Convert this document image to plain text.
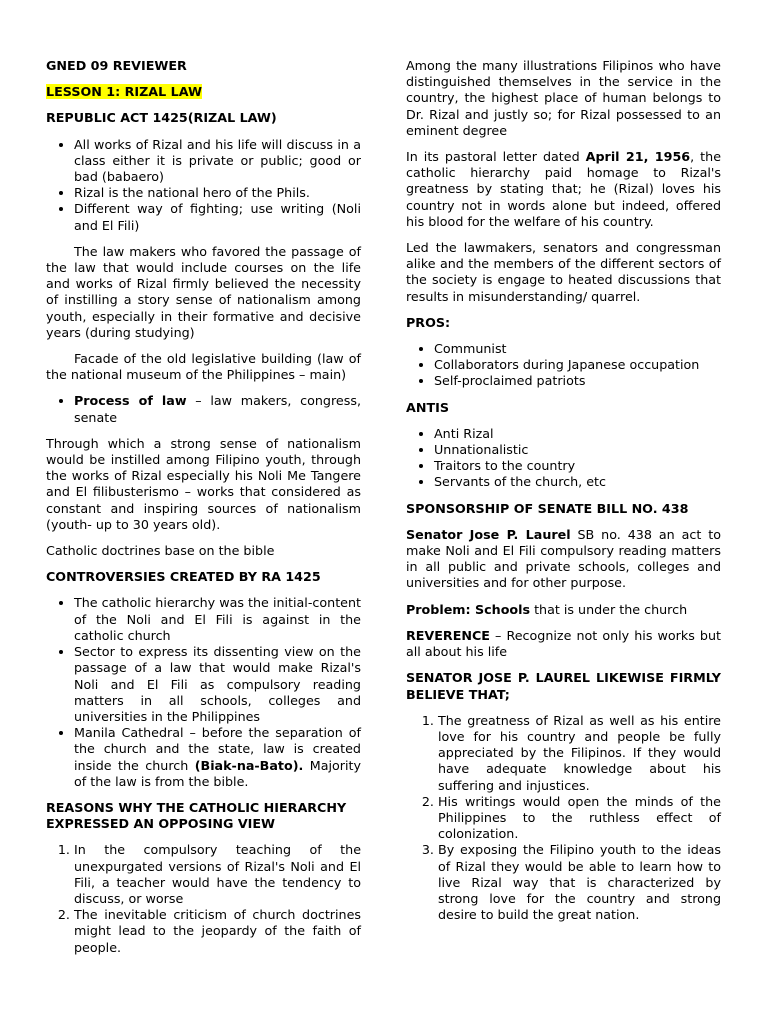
GNED 09 REVIEWER
LESSON 1: RIZAL LAW
REPUBLIC ACT 1425(RIZAL LAW)
• All works of Rizal and his life will discuss in a class either it is private or public; good or bad (babaero)
• Rizal is the national hero of the Phils.
• Different way of fighting; use writing (Noli and El Fili)
The law makers who favored the passage of the law that would include courses on the life and works of Rizal firmly believed the necessity of instilling a story sense of nationalism among youth, especially in their formative and decisive years (during studying)
Facade of the old legislative building (law of the national museum of the Philippines – main)
• Process of law – law makers, congress, senate
Through which a strong sense of nationalism would be instilled among Filipino youth, through the works of Rizal especially his Noli Me Tangere and El filibusterismo – works that considered as constant and inspiring sources of nationalism (youth- up to 30 years old).
Catholic doctrines base on the bible
CONTROVERSIES CREATED BY RA 1425
• The catholic hierarchy was the initial-content of the Noli and El Fili is against in the catholic church
• Sector to express its dissenting view on the passage of a law that would make Rizal's Noli and El Fili as compulsory reading matters in all schools, colleges and universities in the Philippines
• Manila Cathedral – before the separation of the church and the state, law is created inside the church (Biak-na-Bato). Majority of the law is from the bible.
REASONS WHY THE CATHOLIC HIERARCHY EXPRESSED AN OPPOSING VIEW
1. In the compulsory teaching of the unexpurgated versions of Rizal's Noli and El Fili, a teacher would have the tendency to discuss, or worse
2. The inevitable criticism of church doctrines might lead to the jeopardy of the faith of people.
Among the many illustrations Filipinos who have distinguished themselves in the service in the country, the highest place of human belongs to Dr. Rizal and justly so; for Rizal possessed to an eminent degree
In its pastoral letter dated April 21, 1956, the catholic hierarchy paid homage to Rizal's greatness by stating that; he (Rizal) loves his country not in words alone but indeed, offered his blood for the welfare of his country.
Led the lawmakers, senators and congressman alike and the members of the different sectors of the society is engage to heated discussions that results in misunderstanding/ quarrel.
PROS:
• Communist
• Collaborators during Japanese occupation
• Self-proclaimed patriots
ANTIS
• Anti Rizal
• Unnationalistic
• Traitors to the country
• Servants of the church, etc
SPONSORSHIP OF SENATE BILL NO. 438
Senator Jose P. Laurel SB no. 438 an act to make Noli and El Fili compulsory reading matters in all public and private schools, colleges and universities and for other purpose.
Problem: Schools that is under the church
REVERENCE – Recognize not only his works but all about his life
SENATOR JOSE P. LAUREL LIKEWISE FIRMLY BELIEVE THAT;
1. The greatness of Rizal as well as his entire love for his country and people be fully appreciated by the Filipinos. If they would have adequate knowledge about his suffering and injustices.
2. His writings would open the minds of the Philippines to the ruthless effect of colonization.
3. By exposing the Filipino youth to the ideas of Rizal they would be able to learn how to live Rizal way that is characterized by strong love for the country and strong desire to build the great nation.
